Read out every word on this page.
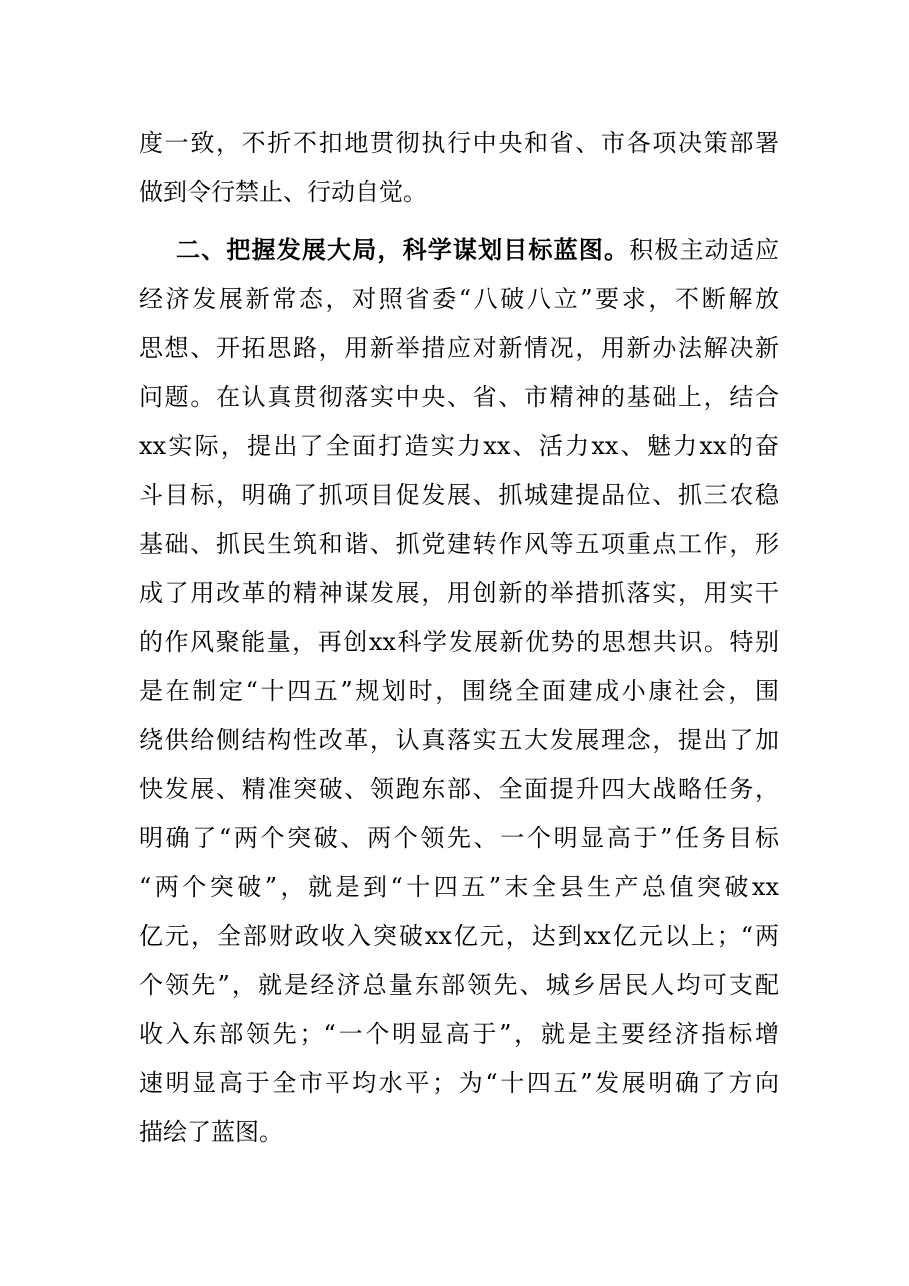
度一致，不折不扣地贯彻执行中央和省、市各项决策部署
做到令行禁止、行动自觉。
二、把握发展大局，科学谋划目标蓝图。积极主动适应
经济发展新常态，对照省委“八破八立”要求，不断解放
思想、开拓思路，用新举措应对新情况，用新办法解决新
问题。在认真贯彻落实中央、省、市精神的基础上，结合
xx实际，提出了全面打造实力xx、活力xx、魅力xx的奋
斗目标，明确了抓项目促发展、抓城建提品位、抓三农稳
基础、抓民生筑和谐、抓党建转作风等五项重点工作，形
成了用改革的精神谋发展，用创新的举措抓落实，用实干
的作风聚能量，再创xx科学发展新优势的思想共识。特别
是在制定“十四五”规划时，围绕全面建成小康社会，围
绕供给侧结构性改革，认真落实五大发展理念，提出了加
快发展、精准突破、领跑东部、全面提升四大战略任务，
明确了“两个突破、两个领先、一个明显高于”任务目标
“两个突破”，就是到“十四五”末全县生产总值突破xx
亿元，全部财政收入突破xx亿元，达到xx亿元以上；“两
个领先”，就是经济总量东部领先、城乡居民人均可支配
收入东部领先；“一个明显高于”，就是主要经济指标增
速明显高于全市平均水平；为“十四五”发展明确了方向
描绘了蓝图。
